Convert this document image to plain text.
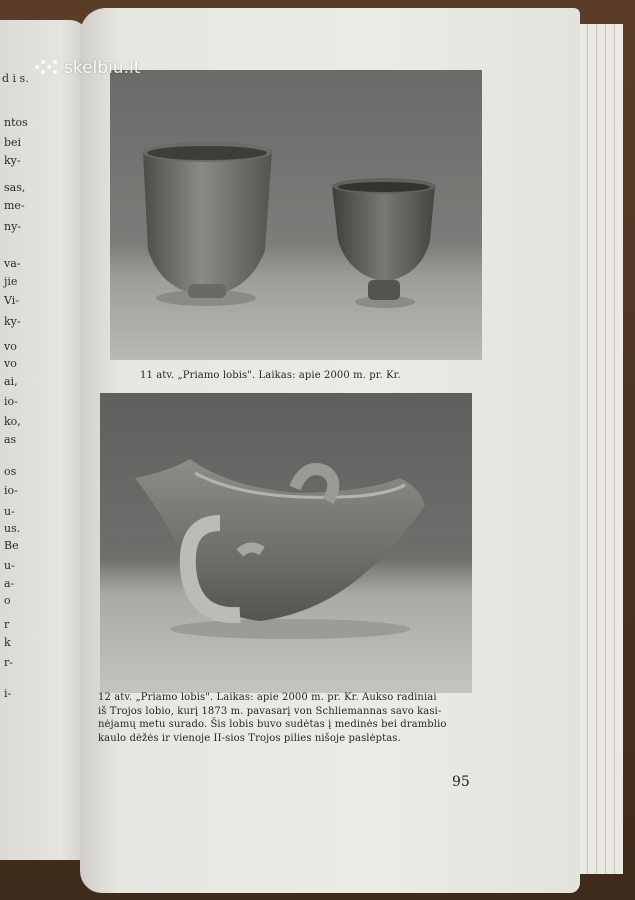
d i s.
ntos
bei
ky-
sas,
me-
ny-
va-
jie
Vi-
ky-
vo
vo
ai,
io-
ko,
as
os
io-
u-
us.
Be
u-
a-
o
r
k
r-
i-
11 atv. „Priamo lobis". Laikas: apie 2000 m. pr. Kr.
12 atv. „Priamo lobis". Laikas: apie 2000 m. pr. Kr. Aukso radiniai
iš Trojos lobio, kurį 1873 m. pavasarį von Schliemannas savo kasi-
nėjamų metu surado. Šis lobis buvo sudėtas į medinės bei dramblio
kaulo dėžės ir vienoje II-sios Trojos pilies nišoje paslėptas.
95
skelbiu.lt
